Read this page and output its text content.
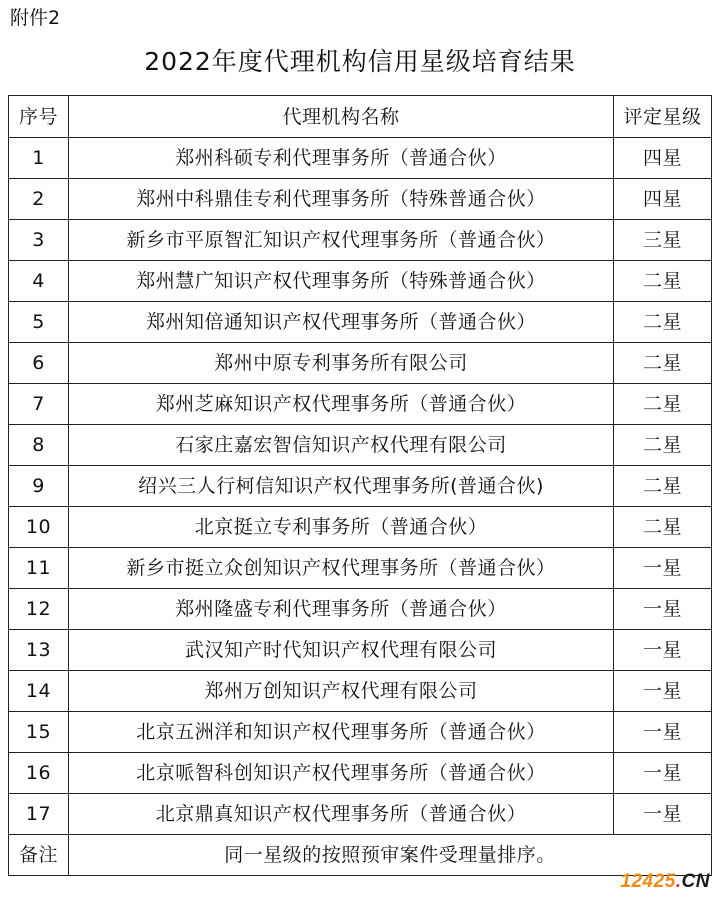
附件2
2022年度代理机构信用星级培育结果
序号	代理机构名称	评定星级
1	郑州科硕专利代理事务所（普通合伙）	四星
2	郑州中科鼎佳专利代理事务所（特殊普通合伙）	四星
3	新乡市平原智汇知识产权代理事务所（普通合伙）	三星
4	郑州慧广知识产权代理事务所（特殊普通合伙）	二星
5	郑州知倍通知识产权代理事务所（普通合伙）	二星
6	郑州中原专利事务所有限公司	二星
7	郑州芝麻知识产权代理事务所（普通合伙）	二星
8	石家庄嘉宏智信知识产权代理有限公司	二星
9	绍兴三人行柯信知识产权代理事务所(普通合伙)	二星
10	北京挺立专利事务所（普通合伙）	二星
11	新乡市挺立众创知识产权代理事务所（普通合伙）	一星
12	郑州隆盛专利代理事务所（普通合伙）	一星
13	武汉知产时代知识产权代理有限公司	一星
14	郑州万创知识产权代理有限公司	一星
15	北京五洲洋和知识产权代理事务所（普通合伙）	一星
16	北京哌智科创知识产权代理事务所（普通合伙）	一星
17	北京鼎真知识产权代理事务所（普通合伙）	一星
备注	同一星级的按照预审案件受理量排序。	
12425.CN
